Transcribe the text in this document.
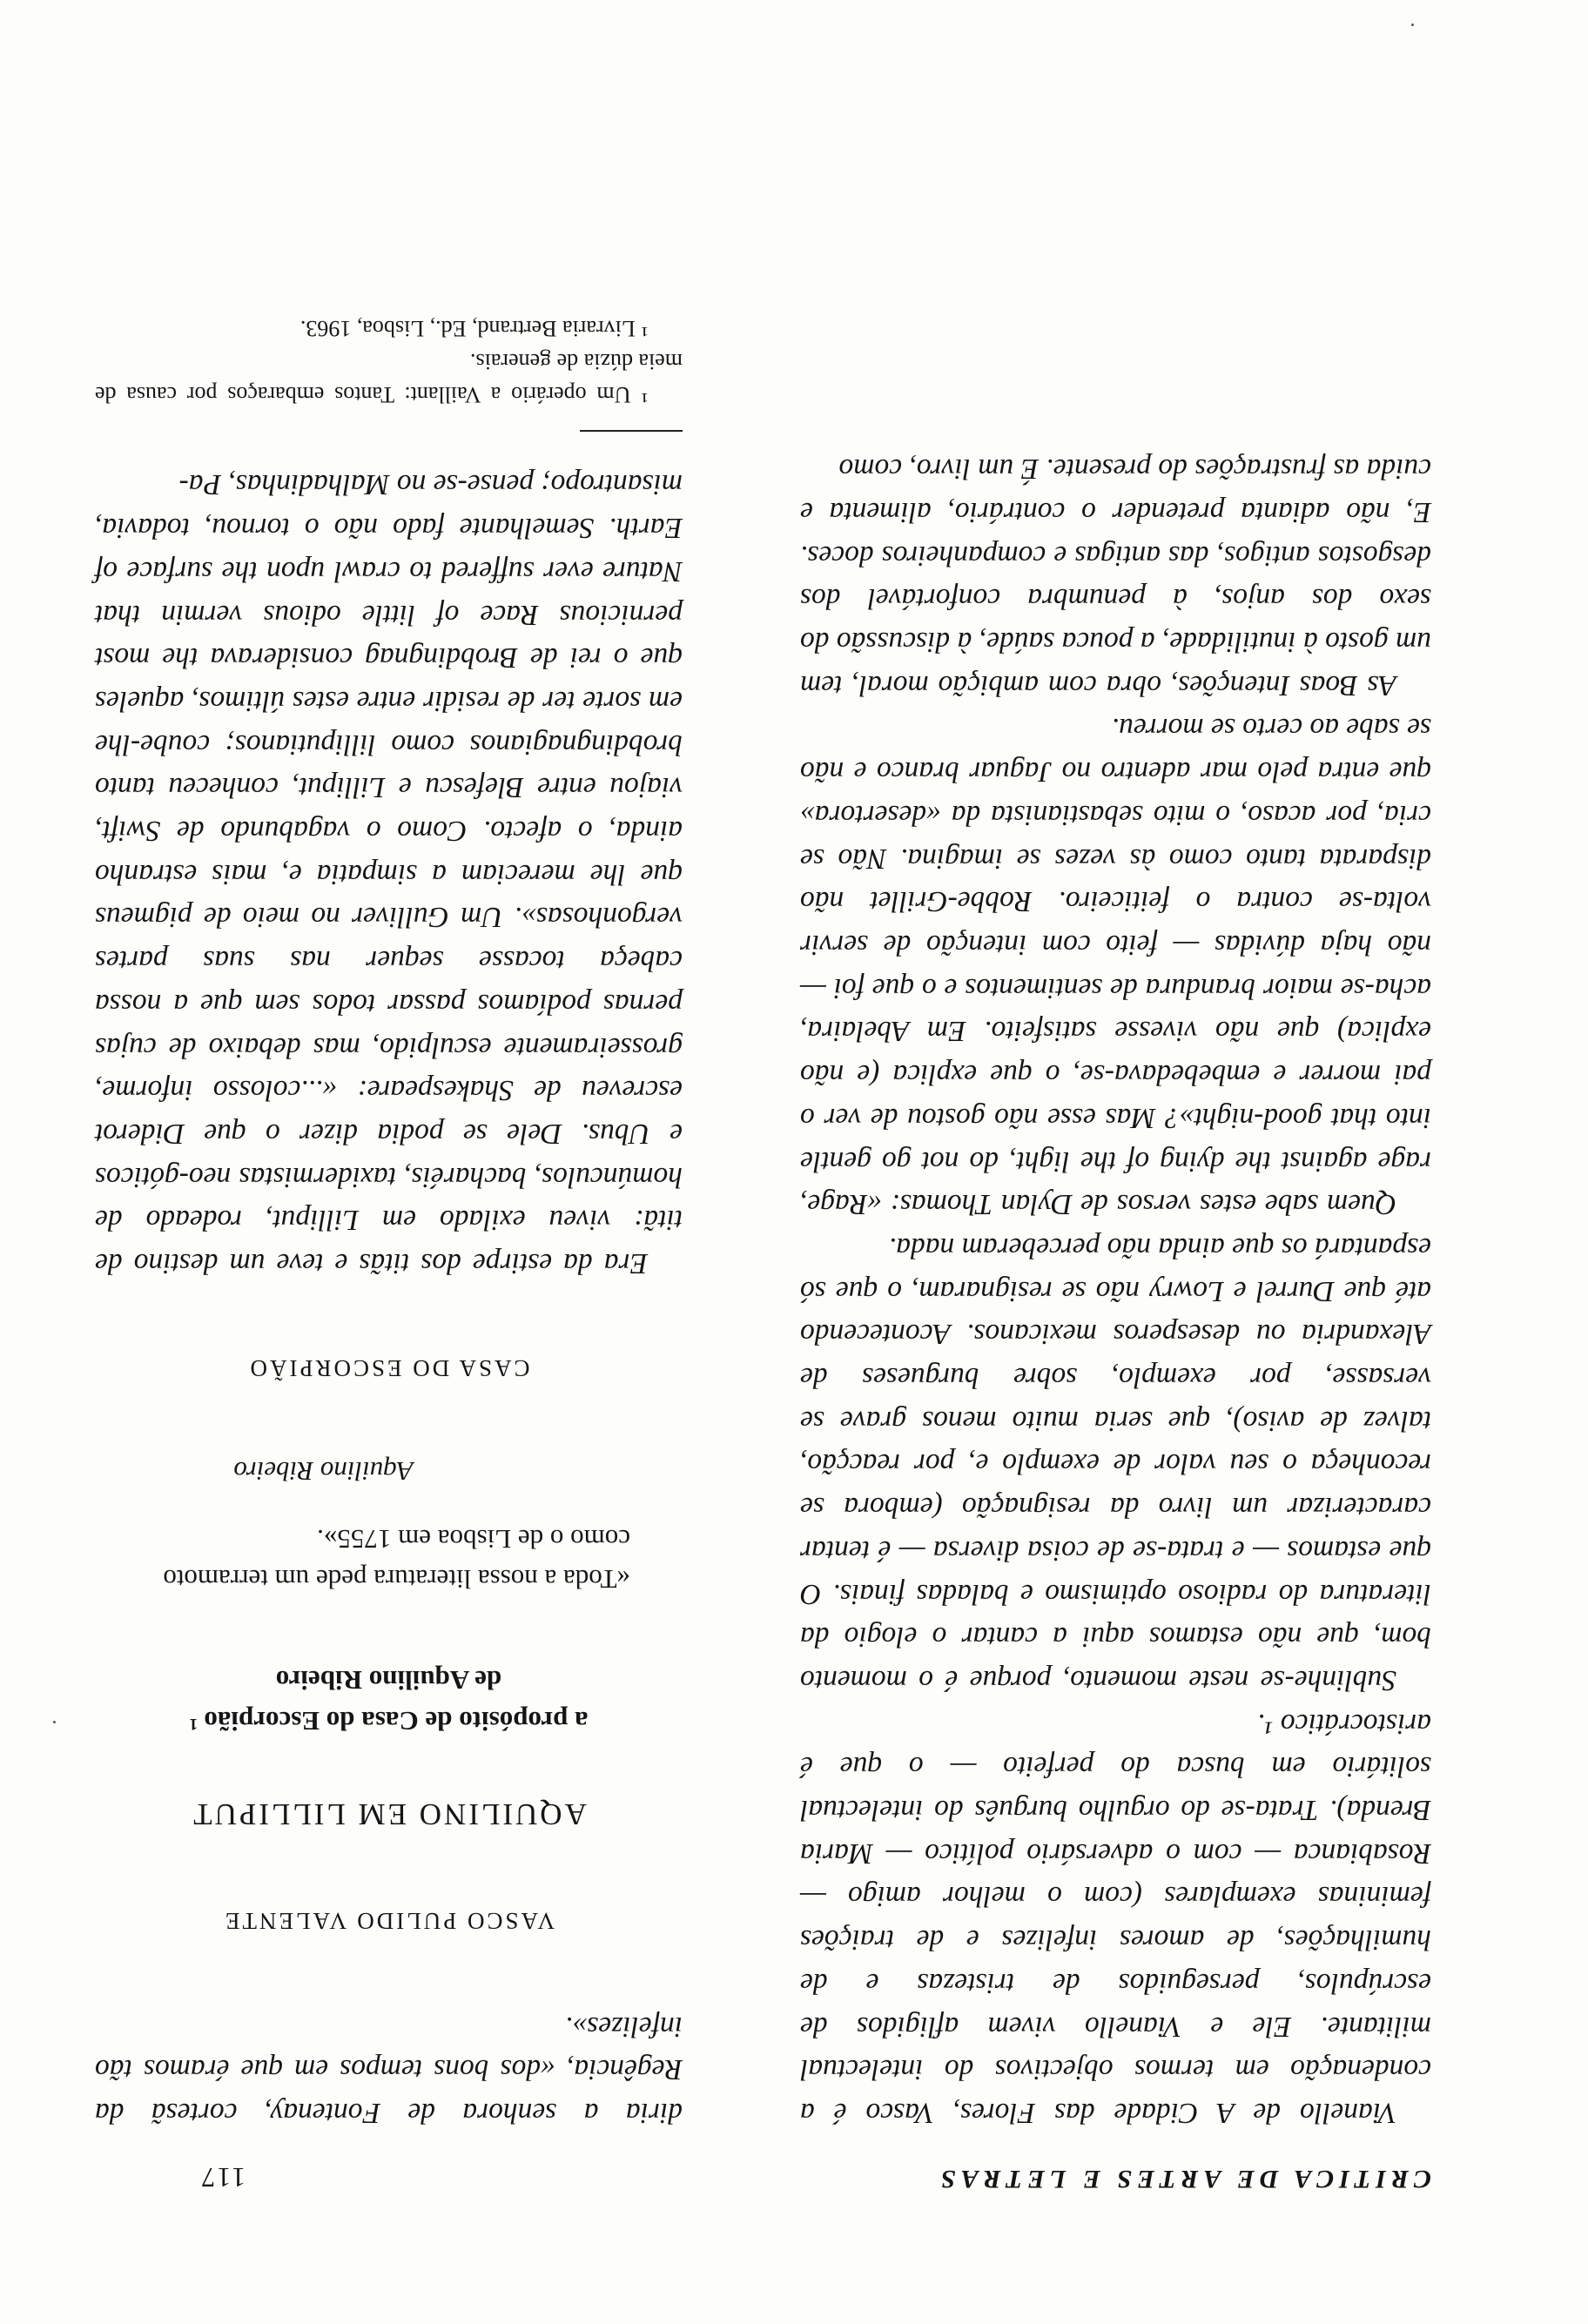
CRITICA DE ARTES E LETRAS
117

Vianello de A Cidade das Flores, Vasco é a condenação em termos objectivos do intelectual militante. Ele e Vianello vivem afligidos de escrúpulos, perseguidos de tristezas e de humilhações, de amores infelizes e de traições femininas exemplares (com o melhor amigo — Rosabianca — com o adversário político — Maria Brenda). Trata-se do orgulho burguês do intelectual solitário em busca do perfeito — o que é aristocrático ¹.

Sublinhe-se neste momento, porque é o momento bom, que não estamos aqui a cantar o elogio da literatura do radioso optimismo e baladas finais. O que estamos — e trata-se de coisa diversa — é tentar caracterizar um livro da resignação (embora se reconheça o seu valor de exemplo e, por reacção, talvez de aviso), que seria muito menos grave se versasse, por exemplo, sobre burgueses de Alexandria ou desesperos mexicanos. Acontecendo até que Durrel e Lowry não se resignaram, o que só espantará os que ainda não perceberam nada.

Quem sabe estes versos de Dylan Thomas: «Rage, rage against the dying of the light, do not go gentle into that good-night»? Mas esse não gostou de ver o pai morrer e embebedava-se, o que explica (e não explica) que não vivesse satisfeito. Em Abelaira, acha-se maior brandura de sentimentos e o que foi — não haja dúvidas — feito com intenção de servir volta-se contra o feiticeiro. Robbe-Grillet não disparata tanto como às vezes se imagina. Não se cria, por acaso, o mito sebastianista da «desertora» que entra pelo mar adentro no Jaguar branco e não se sabe ao certo se morreu.

As Boas Intenções, obra com ambição moral, tem um gosto à inutilidade, a pouca saúde, à discussão do sexo dos anjos, à penumbra confortável dos desgostos antigos, das antigas e companheiros doces. E, não adianta pretender o contrário, alimenta e cuida as frustrações do presente. É um livro, como

diria a senhora de Fontenay, cortesã da Regência, «dos bons tempos em que éramos tão infelizes».

VASCO PULIDO VALENTE
AQUILINO EM LILLIPUT
a propósito de Casa do Escorpião ¹
de Aquilino Ribeiro
«Toda a nossa literatura pede um terramoto como o de Lisboa em 1755».
Aquilino Ribeiro
CASA DO ESCORPIÃO

Era da estirpe dos titãs e teve um destino de titã: viveu exilado em Lilliput, rodeado de homúnculos, bacharéis, taxidermistas neo-góticos e Ubus. Dele se podia dizer o que Diderot escreveu de Shakespeare: «...colosso informe, grosseiramente esculpido, mas debaixo de cujas pernas podíamos passar todos sem que a nossa cabeça tocasse sequer nas suas partes vergonhosas». Um Gulliver no meio de pigmeus que lhe mereciam a simpatia e, mais estranho ainda, o afecto. Como o vagabundo de Swift, viajou entre Blefescu e Lilliput, conheceu tanto brobdingnagianos como lilliputianos; coube-lhe em sorte ter de residir entre estes últimos, aqueles que o rei de Brobdingnag considerava the most pernicious Race of little odious vermin that Nature ever suffered to crawl upon the surface of Earth. Semelhante fado não o tornou, todavia, misantropo; pense-se no Malhadinhas, Pa-

¹ Um operário a Vaillant: Tantos embaraços por causa de meia dúzia de generais.

¹ Livraria Bertrand, Ed., Lisboa, 1963.
